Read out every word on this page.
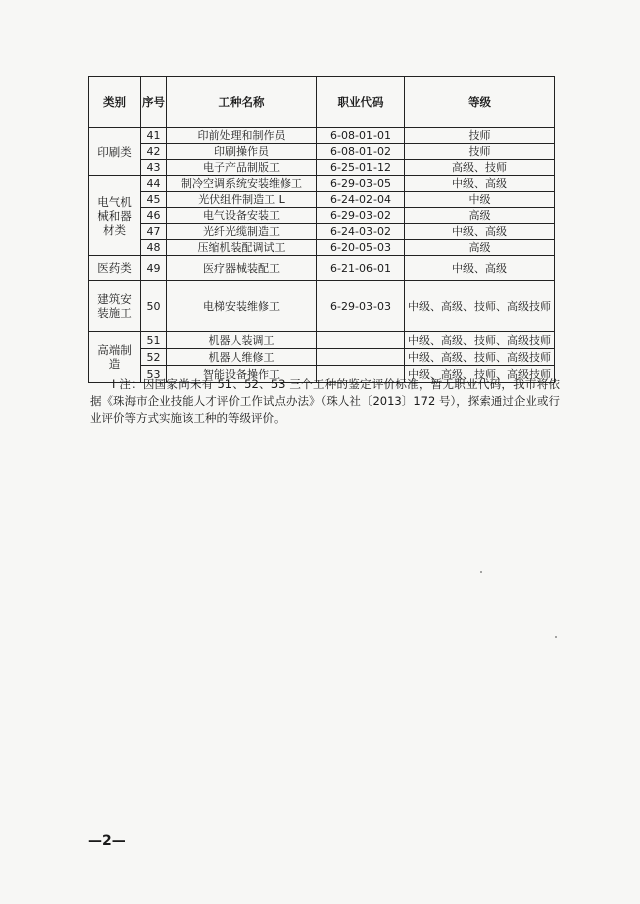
类别	序号	工种名称	职业代码	等级
印刷类	41	印前处理和制作员	6-08-01-01	技师
	42	印刷操作员	6-08-01-02	技师
	43	电子产品制版工	6-25-01-12	高级、技师
电气机械和器材类	44	制冷空调系统安装维修工	6-29-03-05	中级、高级
	45	光伏组件制造工 L	6-24-02-04	中级
	46	电气设备安装工	6-29-03-02	高级
	47	光纤光缆制造工	6-24-03-02	中级、高级
	48	压缩机装配调试工	6-20-05-03	高级
医药类	49	医疗器械装配工	6-21-06-01	中级、高级
建筑安装施工	50	电梯安装维修工	6-29-03-03	中级、高级、技师、高级技师
高端制造	51	机器人装调工		中级、高级、技师、高级技师
	52	机器人维修工		中级、高级、技师、高级技师
	53	智能设备操作工		中级、高级、技师、高级技师
I 注：因国家尚未有 51、52、53 三个工种的鉴定评价标准，暂无职业代码，我市将依据《珠海市企业技能人才评价工作试点办法》（珠人社〔2013〕172 号），探索通过企业或行业评价等方式实施该工种的等级评价。
—2—
